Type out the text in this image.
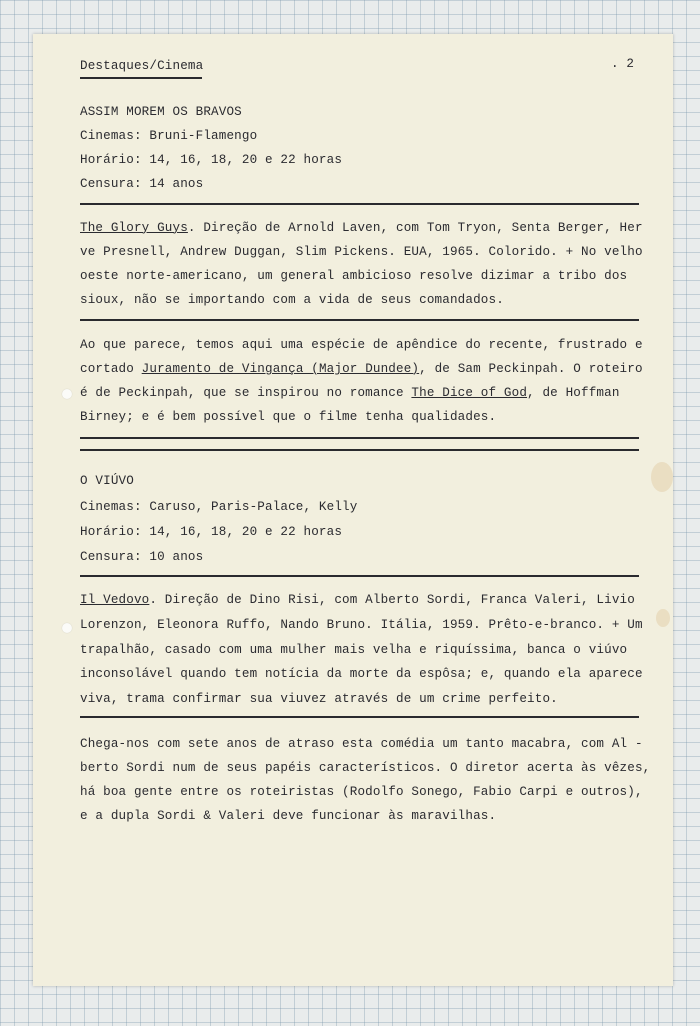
Destaques/Cinema	. 2
ASSIM MOREM OS BRAVOS
Cinemas: Bruni-Flamengo
Horário: 14, 16, 18, 20 e 22 horas
Censura: 14 anos
The Glory Guys. Direção de Arnold Laven, com Tom Tryon, Senta Berger, Her
ve Presnell, Andrew Duggan, Slim Pickens. EUA, 1965. Colorido. + No velho
oeste norte-americano, um general ambicioso resolve dizimar a tribo dos
sioux, não se importando com a vida de seus comandados.
Ao que parece, temos aqui uma espécie de apêndice do recente, frustrado e
cortado Juramento de Vingança (Major Dundee), de Sam Peckinpah. O roteiro
é de Peckinpah, que se inspirou no romance The Dice of God, de Hoffman
Birney; e é bem possível que o filme tenha qualidades.
O VIÚVO
Cinemas: Caruso, Paris-Palace, Kelly
Horário: 14, 16, 18, 20 e 22 horas
Censura: 10 anos
Il Vedovo. Direção de Dino Risi, com Alberto Sordi, Franca Valeri, Livio
Lorenzon, Eleonora Ruffo, Nando Bruno. Itália, 1959. Prêto-e-branco. + Um
trapalhão, casado com uma mulher mais velha e riquíssima, banca o viúvo
inconsolável quando tem notícia da morte da espôsa; e, quando ela aparece
viva, trama confirmar sua viuvez através de um crime perfeito.
Chega-nos com sete anos de atraso esta comédia um tanto macabra, com Al -
berto Sordi num de seus papéis característicos. O diretor acerta às vêzes,
há boa gente entre os roteiristas (Rodolfo Sonego, Fabio Carpi e outros),
e a dupla Sordi & Valeri deve funcionar às maravilhas.
